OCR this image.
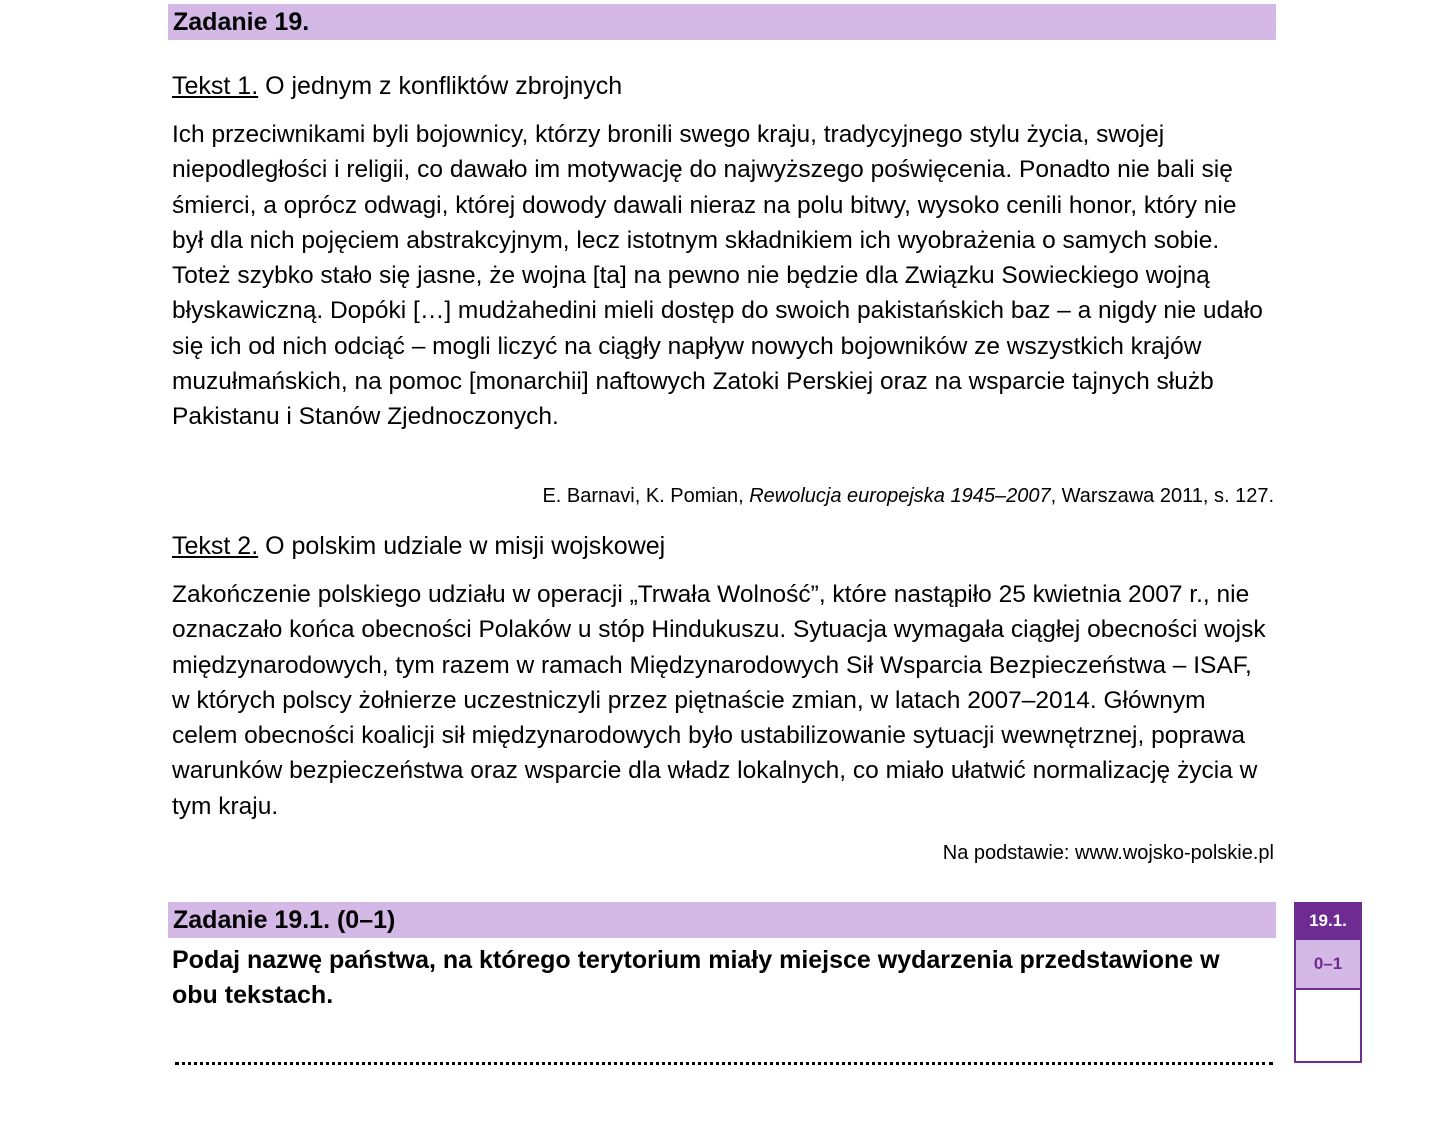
Zadanie 19.
Tekst 1. O jednym z konfliktów zbrojnych

Ich przeciwnikami byli bojownicy, którzy bronili swego kraju, tradycyjnego stylu życia, swojej niepodległości i religii, co dawało im motywację do najwyższego poświęcenia. Ponadto nie bali się śmierci, a oprócz odwagi, której dowody dawali nieraz na polu bitwy, wysoko cenili honor, który nie był dla nich pojęciem abstrakcyjnym, lecz istotnym składnikiem ich wyobrażenia o samych sobie. Toteż szybko stało się jasne, że wojna [ta] na pewno nie będzie dla Związku Sowieckiego wojną błyskawiczną. Dopóki […] mudżahedini mieli dostęp do swoich pakistańskich baz – a nigdy nie udało się ich od nich odciąć – mogli liczyć na ciągły napływ nowych bojowników ze wszystkich krajów muzułmańskich, na pomoc [monarchii] naftowych Zatoki Perskiej oraz na wsparcie tajnych służb Pakistanu i Stanów Zjednoczonych.

E. Barnavi, K. Pomian, Rewolucja europejska 1945–2007, Warszawa 2011, s. 127.
Tekst 2. O polskim udziale w misji wojskowej

Zakończenie polskiego udziału w operacji „Trwała Wolność”, które nastąpiło 25 kwietnia 2007 r., nie oznaczało końca obecności Polaków u stóp Hindukuszu. Sytuacja wymagała ciągłej obecności wojsk międzynarodowych, tym razem w ramach Międzynarodowych Sił Wsparcia Bezpieczeństwa – ISAF, w których polscy żołnierze uczestniczyli przez piętnaście zmian, w latach 2007–2014. Głównym celem obecności koalicji sił międzynarodowych było ustabilizowanie sytuacji wewnętrznej, poprawa warunków bezpieczeństwa oraz wsparcie dla władz lokalnych, co miało ułatwić normalizację życia w tym kraju.

Na podstawie: www.wojsko-polskie.pl
Zadanie 19.1. (0–1)

Podaj nazwę państwa, na którego terytorium miały miejsce wydarzenia przedstawione w obu tekstach.

19.1.
0–1
